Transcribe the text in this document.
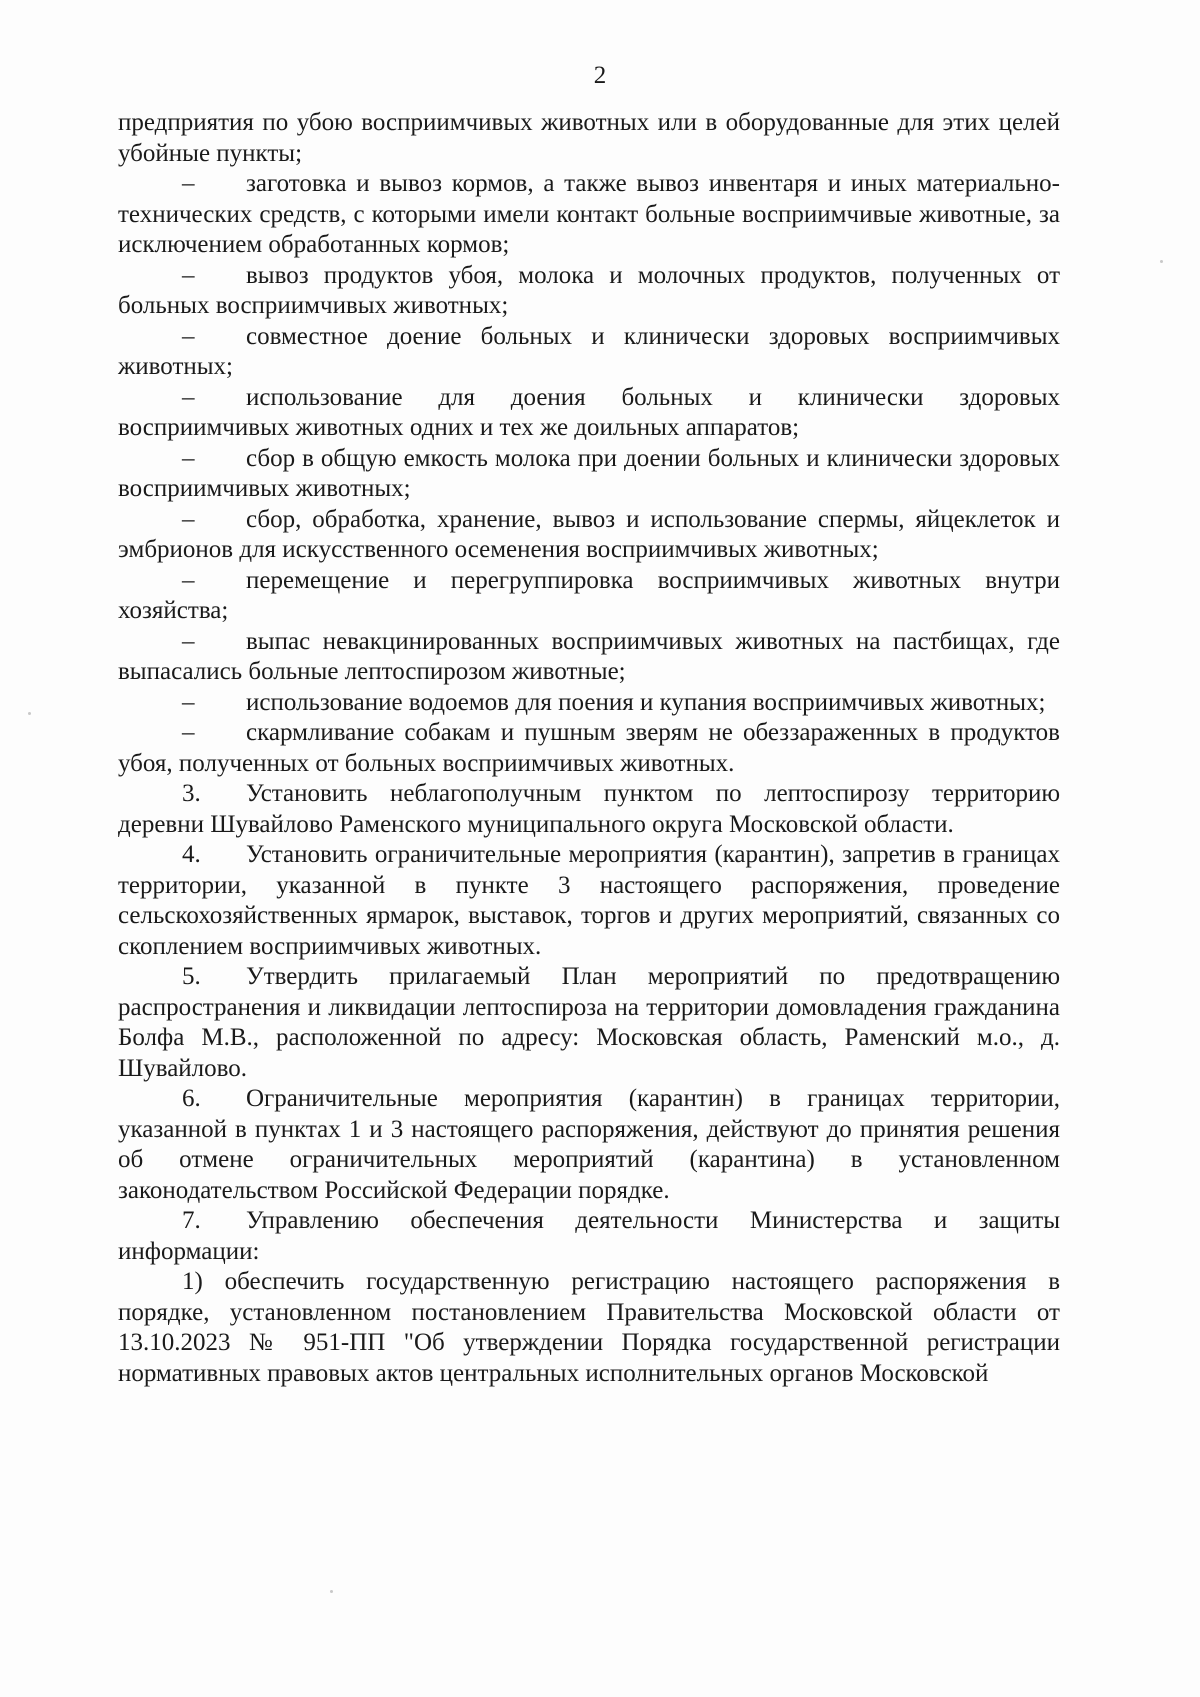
2

предприятия по убою восприимчивых животных или в оборудованные для этих целей убойные пункты;

– заготовка и вывоз кормов, а также вывоз инвентаря и иных материально-технических средств, с которыми имели контакт больные восприимчивые животные, за исключением обработанных кормов;

– вывоз продуктов убоя, молока и молочных продуктов, полученных от больных восприимчивых животных;

– совместное доение больных и клинически здоровых восприимчивых животных;

– использование для доения больных и клинически здоровых восприимчивых животных одних и тех же доильных аппаратов;

– сбор в общую емкость молока при доении больных и клинически здоровых восприимчивых животных;

– сбор, обработка, хранение, вывоз и использование спермы, яйцеклеток и эмбрионов для искусственного осеменения восприимчивых животных;

– перемещение и перегруппировка восприимчивых животных внутри хозяйства;

– выпас невакцинированных восприимчивых животных на пастбищах, где выпасались больные лептоспирозом животные;

– использование водоемов для поения и купания восприимчивых животных;

– скармливание собакам и пушным зверям не обеззараженных в продуктов убоя, полученных от больных восприимчивых животных.

3. Установить неблагополучным пунктом по лептоспирозу территорию деревни Шувайлово Раменского муниципального округа Московской области.

4. Установить ограничительные мероприятия (карантин), запретив в границах территории, указанной в пункте 3 настоящего распоряжения, проведение сельскохозяйственных ярмарок, выставок, торгов и других мероприятий, связанных со скоплением восприимчивых животных.

5. Утвердить прилагаемый План мероприятий по предотвращению распространения и ликвидации лептоспироза на территории домовладения гражданина Болфа М.В., расположенной по адресу: Московская область, Раменский м.о., д. Шувайлово.

6. Ограничительные мероприятия (карантин) в границах территории, указанной в пунктах 1 и 3 настоящего распоряжения, действуют до принятия решения об отмене ограничительных мероприятий (карантина) в установленном законодательством Российской Федерации порядке.

7. Управлению обеспечения деятельности Министерства и защиты информации:

1) обеспечить государственную регистрацию настоящего распоряжения в порядке, установленном постановлением Правительства Московской области от 13.10.2023 № 951-ПП "Об утверждении Порядка государственной регистрации нормативных правовых актов центральных исполнительных органов Московской
